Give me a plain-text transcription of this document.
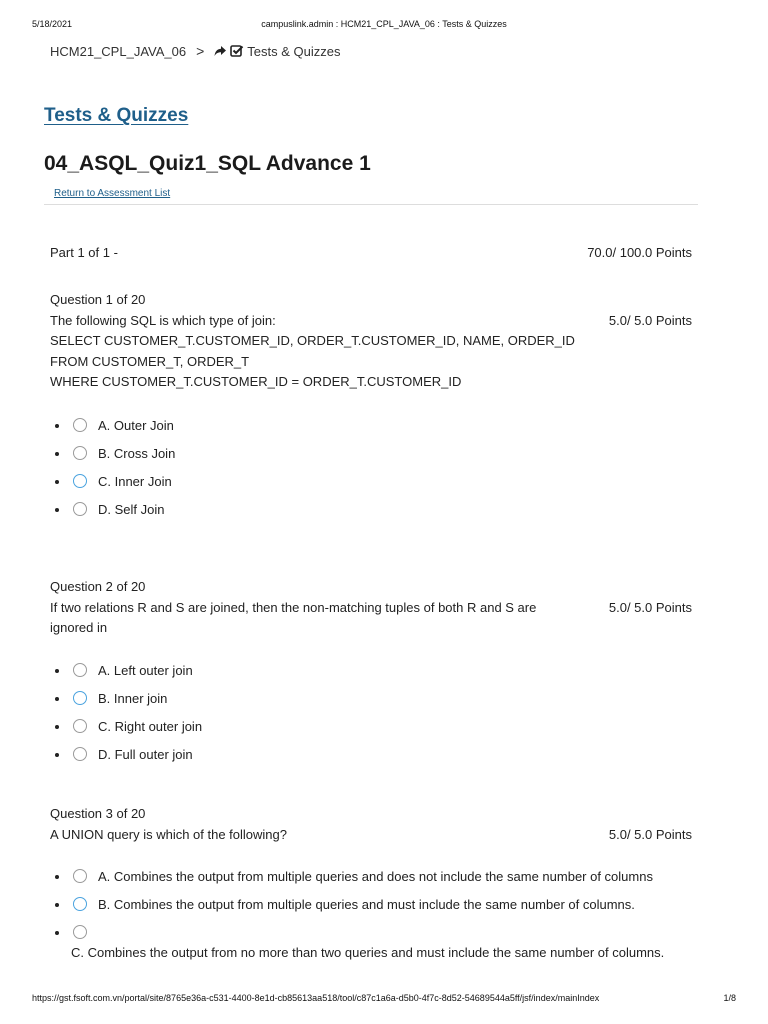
5/18/2021	campuslink.admin : HCM21_CPL_JAVA_06 : Tests & Quizzes
HCM21_CPL_JAVA_06 >	Tests & Quizzes
Tests & Quizzes
04_ASQL_Quiz1_SQL Advance 1
Return to Assessment List
Part 1 of 1 -	70.0/ 100.0 Points
Question 1 of 20
The following SQL is which type of join:
SELECT CUSTOMER_T.CUSTOMER_ID, ORDER_T.CUSTOMER_ID, NAME, ORDER_ID
FROM CUSTOMER_T, ORDER_T
WHERE CUSTOMER_T.CUSTOMER_ID = ORDER_T.CUSTOMER_ID
5.0/ 5.0 Points
A. Outer Join
B. Cross Join
C. Inner Join
D. Self Join
Question 2 of 20
If two relations R and S are joined, then the non-matching tuples of both R and S are ignored in
5.0/ 5.0 Points
A. Left outer join
B. Inner join
C. Right outer join
D. Full outer join
Question 3 of 20
A UNION query is which of the following?	5.0/ 5.0 Points
A. Combines the output from multiple queries and does not include the same number of columns
B. Combines the output from multiple queries and must include the same number of columns.
C. Combines the output from no more than two queries and must include the same number of columns.
https://gst.fsoft.com.vn/portal/site/8765e36a-c531-4400-8e1d-cb85613aa518/tool/c87c1a6a-d5b0-4f7c-8d52-54689544a5ff/jsf/index/mainIndex	1/8
